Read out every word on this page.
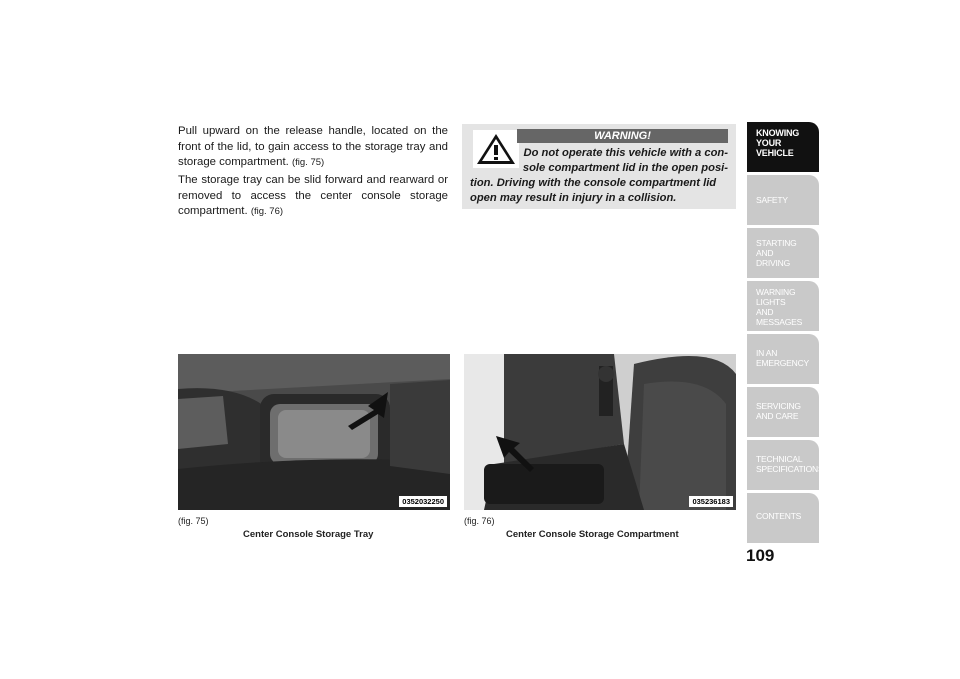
Pull upward on the release handle, located on the front of the lid, to gain access to the storage tray and storage compartment. (fig. 75)

The storage tray can be slid forward and rearward or removed to access the center console storage compartment. (fig. 76)

WARNING!
Do not operate this vehicle with a con-
sole compartment lid in the open posi-
tion. Driving with the console compartment lid
open may result in injury in a collision.
0352032250	035236183
(fig. 75)
Center Console Storage Tray
(fig. 76)
Center Console Storage Compartment
KNOWING
YOUR
VEHICLE
SAFETY
STARTING
AND
DRIVING
WARNING
LIGHTS
AND
MESSAGES
IN AN
EMERGENCY
SERVICING
AND CARE
TECHNICAL
SPECIFICATIONS
CONTENTS
109
